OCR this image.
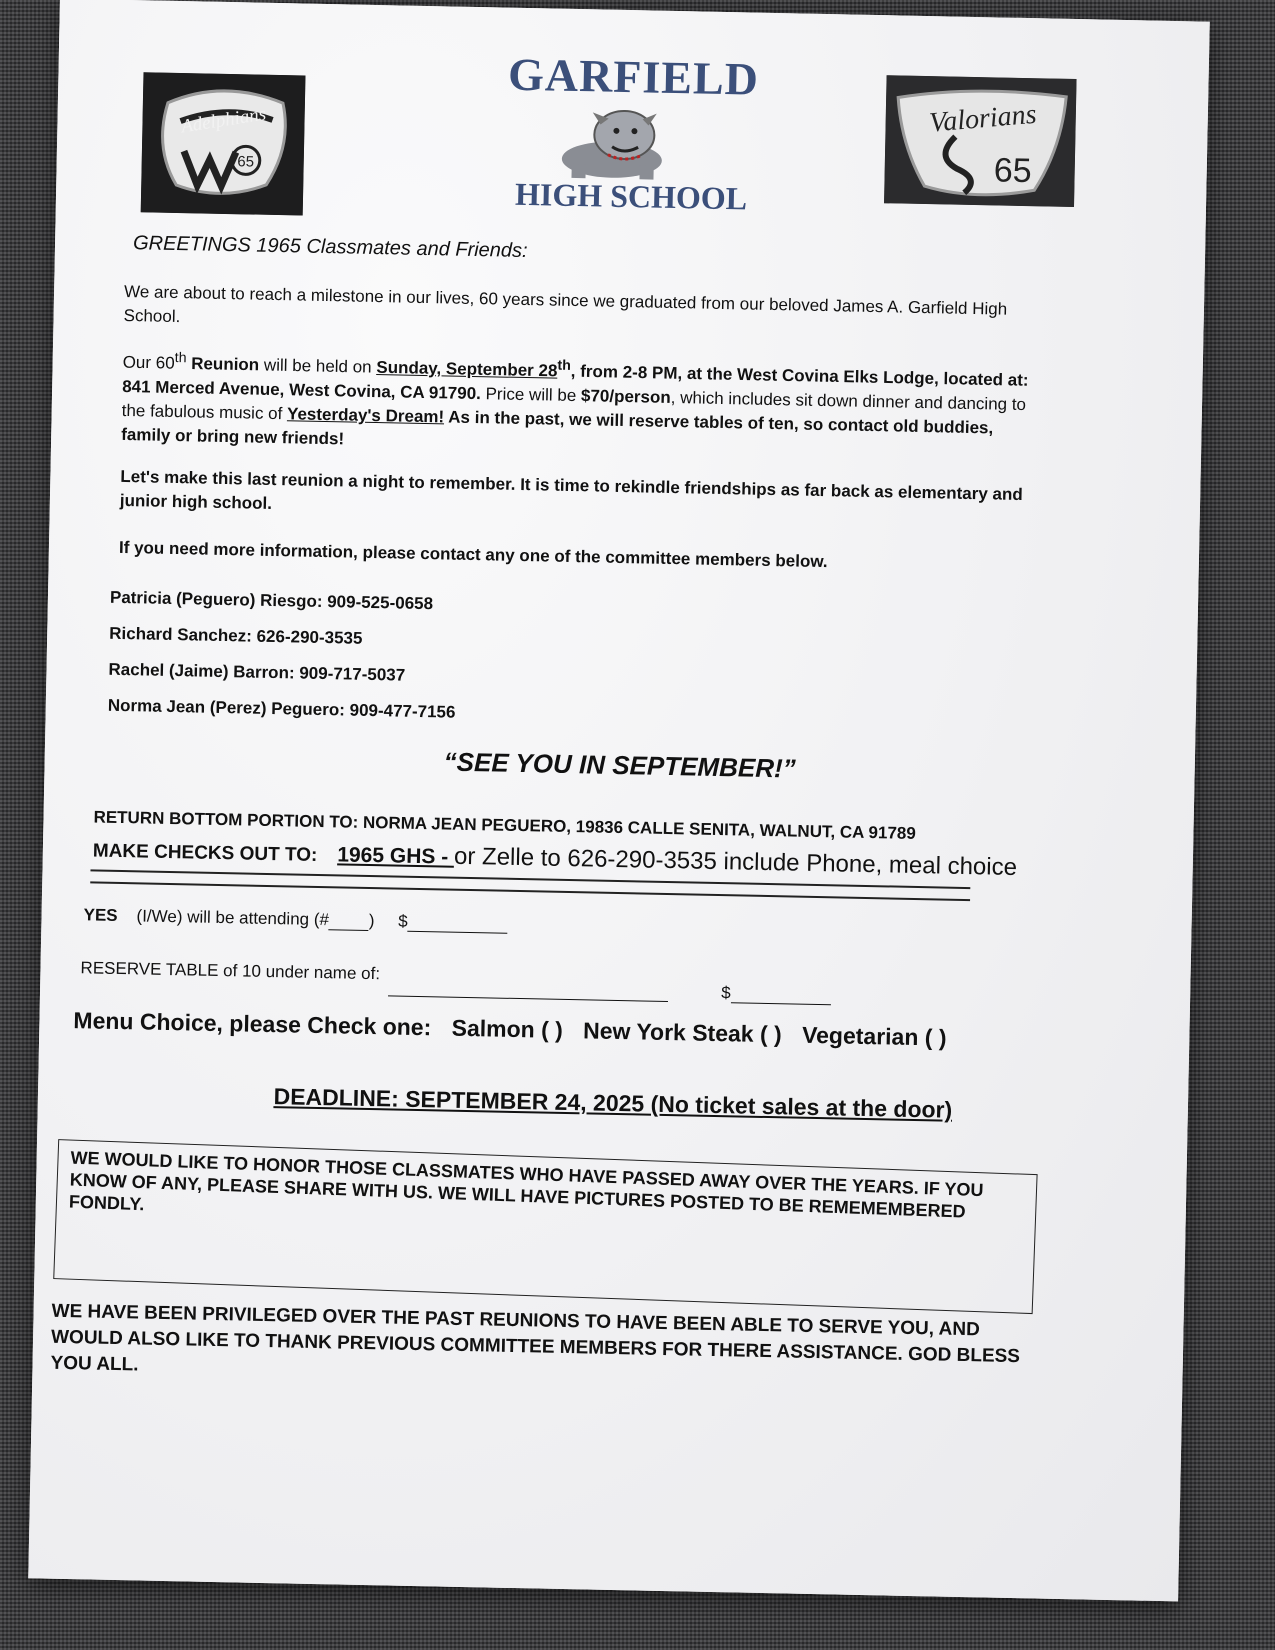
Adelphians
65
GARFIELD
HIGH SCHOOL
Valorians
65
GREETINGS 1965 Classmates and Friends:
We are about to reach a milestone in our lives, 60 years since we graduated from our beloved James A. Garfield High School.
Our 60th Reunion will be held on Sunday, September 28th, from 2-8 PM, at the West Covina Elks Lodge, located at: 841 Merced Avenue, West Covina, CA 91790. Price will be $70/person, which includes sit down dinner and dancing to the fabulous music of Yesterday's Dream! As in the past, we will reserve tables of ten, so contact old buddies, family or bring new friends!
Let's make this last reunion a night to remember. It is time to rekindle friendships as far back as elementary and junior high school.
If you need more information, please contact any one of the committee members below.
Patricia (Peguero) Riesgo: 909-525-0658
Richard Sanchez: 626-290-3535
Rachel (Jaime) Barron: 909-717-5037
Norma Jean (Perez) Peguero: 909-477-7156
“SEE YOU IN SEPTEMBER!”
RETURN BOTTOM PORTION TO: NORMA JEAN PEGUERO, 19836 CALLE SENITA, WALNUT, CA 91789
MAKE CHECKS OUT TO: 1965 GHS - or Zelle to 626-290-3535 include Phone, meal choice
YES (I/We) will be attending (# ) $
RESERVE TABLE of 10 under name of:   $
Menu Choice, please Check one: Salmon ( ) New York Steak ( ) Vegetarian ( )
DEADLINE: SEPTEMBER 24, 2025 (No ticket sales at the door)
WE WOULD LIKE TO HONOR THOSE CLASSMATES WHO HAVE PASSED AWAY OVER THE YEARS. IF YOU KNOW OF ANY, PLEASE SHARE WITH US. WE WILL HAVE PICTURES POSTED TO BE REMEMEMBERED FONDLY.
WE HAVE BEEN PRIVILEGED OVER THE PAST REUNIONS TO HAVE BEEN ABLE TO SERVE YOU, AND WOULD ALSO LIKE TO THANK PREVIOUS COMMITTEE MEMBERS FOR THERE ASSISTANCE. GOD BLESS YOU ALL.
